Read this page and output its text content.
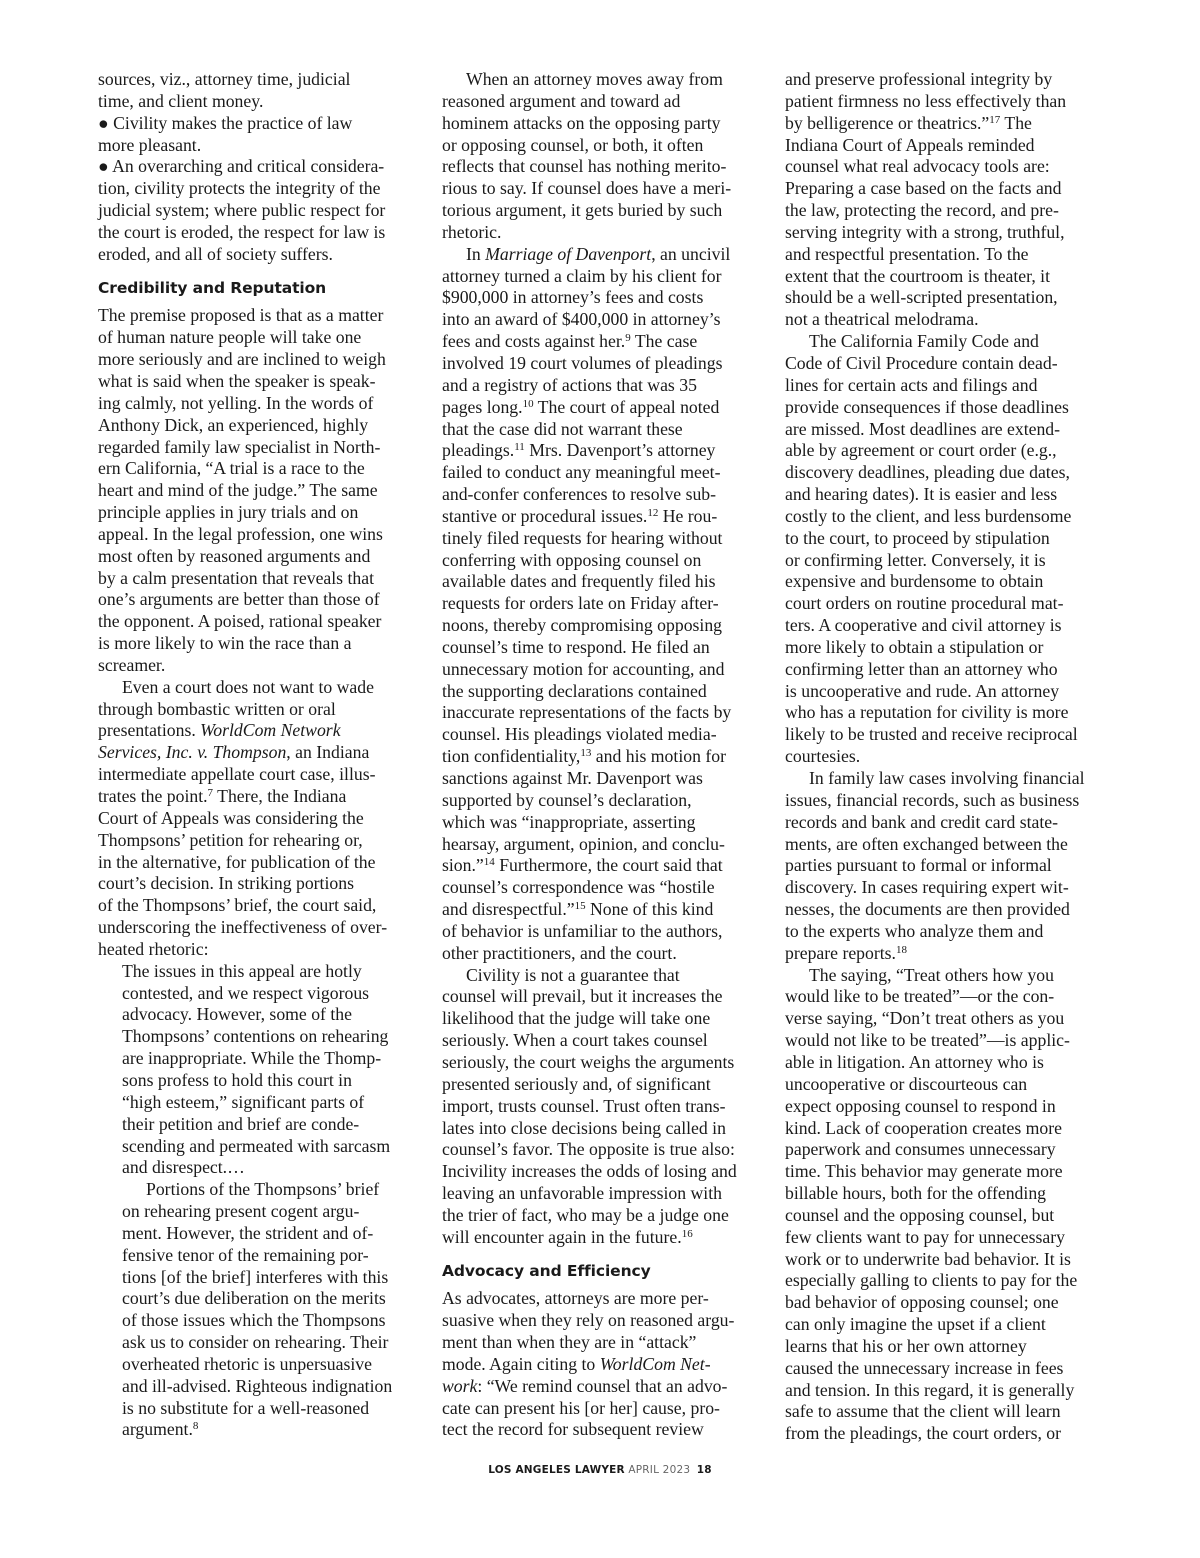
sources, viz., attorney time, judicial
time, and client money.
● Civility makes the practice of law
more pleasant.
● An overarching and critical considera-
tion, civility protects the integrity of the
judicial system; where public respect for
the court is eroded, the respect for law is
eroded, and all of society suffers.
Credibility and Reputation
The premise proposed is that as a matter
of human nature people will take one
more seriously and are inclined to weigh
what is said when the speaker is speak-
ing calmly, not yelling. In the words of
Anthony Dick, an experienced, highly
regarded family law specialist in North-
ern California, “A trial is a race to the
heart and mind of the judge.” The same
principle applies in jury trials and on
appeal. In the legal profession, one wins
most often by reasoned arguments and
by a calm presentation that reveals that
one’s arguments are better than those of
the opponent. A poised, rational speaker
is more likely to win the race than a
screamer.
Even a court does not want to wade
through bombastic written or oral
presentations. WorldCom Network
Services, Inc. v. Thompson, an Indiana
intermediate appellate court case, illus-
trates the point.$^7$ There, the Indiana
Court of Appeals was considering the
Thompsons’ petition for rehearing or,
in the alternative, for publication of the
court’s decision. In striking portions
of the Thompsons’ brief, the court said,
underscoring the ineffectiveness of over-
heated rhetoric:
The issues in this appeal are hotly
contested, and we respect vigorous
advocacy. However, some of the
Thompsons’ contentions on rehearing
are inappropriate. While the Thomp-
sons profess to hold this court in
“high esteem,” significant parts of
their petition and brief are conde-
scending and permeated with sarcasm
and disrespect.…
Portions of the Thompsons’ brief
on rehearing present cogent argu-
ment. However, the strident and of-
fensive tenor of the remaining por-
tions [of the brief] interferes with this
court’s due deliberation on the merits
of those issues which the Thompsons
ask us to consider on rehearing. Their
overheated rhetoric is unpersuasive
and ill-advised. Righteous indignation
is no substitute for a well-reasoned
argument.$^8$
When an attorney moves away from
reasoned argument and toward ad
hominem attacks on the opposing party
or opposing counsel, or both, it often
reflects that counsel has nothing merito-
rious to say. If counsel does have a meri-
torious argument, it gets buried by such
rhetoric.
In Marriage of Davenport, an uncivil
attorney turned a claim by his client for
$900,000 in attorney’s fees and costs
into an award of $400,000 in attorney’s
fees and costs against her.$^9$ The case
involved 19 court volumes of pleadings
and a registry of actions that was 35
pages long.$^{10}$ The court of appeal noted
that the case did not warrant these
pleadings.$^{11}$ Mrs. Davenport’s attorney
failed to conduct any meaningful meet-
and-confer conferences to resolve sub-
stantive or procedural issues.$^{12}$ He rou-
tinely filed requests for hearing without
conferring with opposing counsel on
available dates and frequently filed his
requests for orders late on Friday after-
noons, thereby compromising opposing
counsel’s time to respond. He filed an
unnecessary motion for accounting, and
the supporting declarations contained
inaccurate representations of the facts by
counsel. His pleadings violated media-
tion confidentiality,$^{13}$ and his motion for
sanctions against Mr. Davenport was
supported by counsel’s declaration,
which was “inappropriate, asserting
hearsay, argument, opinion, and conclu-
sion.”$^{14}$ Furthermore, the court said that
counsel’s correspondence was “hostile
and disrespectful.”$^{15}$ None of this kind
of behavior is unfamiliar to the authors,
other practitioners, and the court.
Civility is not a guarantee that
counsel will prevail, but it increases the
likelihood that the judge will take one
seriously. When a court takes counsel
seriously, the court weighs the arguments
presented seriously and, of significant
import, trusts counsel. Trust often trans-
lates into close decisions being called in
counsel’s favor. The opposite is true also:
Incivility increases the odds of losing and
leaving an unfavorable impression with
the trier of fact, who may be a judge one
will encounter again in the future.$^{16}$
Advocacy and Efficiency
As advocates, attorneys are more per-
suasive when they rely on reasoned argu-
ment than when they are in “attack”
mode. Again citing to WorldCom Net-
work: “We remind counsel that an advo-
cate can present his [or her] cause, pro-
tect the record for subsequent review
and preserve professional integrity by
patient firmness no less effectively than
by belligerence or theatrics.”$^{17}$ The
Indiana Court of Appeals reminded
counsel what real advocacy tools are:
Preparing a case based on the facts and
the law, protecting the record, and pre-
serving integrity with a strong, truthful,
and respectful presentation. To the
extent that the courtroom is theater, it
should be a well-scripted presentation,
not a theatrical melodrama.
The California Family Code and
Code of Civil Procedure contain dead-
lines for certain acts and filings and
provide consequences if those deadlines
are missed. Most deadlines are extend-
able by agreement or court order (e.g.,
discovery deadlines, pleading due dates,
and hearing dates). It is easier and less
costly to the client, and less burdensome
to the court, to proceed by stipulation
or confirming letter. Conversely, it is
expensive and burdensome to obtain
court orders on routine procedural mat-
ters. A cooperative and civil attorney is
more likely to obtain a stipulation or
confirming letter than an attorney who
is uncooperative and rude. An attorney
who has a reputation for civility is more
likely to be trusted and receive reciprocal
courtesies.
In family law cases involving financial
issues, financial records, such as business
records and bank and credit card state-
ments, are often exchanged between the
parties pursuant to formal or informal
discovery. In cases requiring expert wit-
nesses, the documents are then provided
to the experts who analyze them and
prepare reports.$^{18}$
The saying, “Treat others how you
would like to be treated”—or the con-
verse saying, “Don’t treat others as you
would not like to be treated”—is applic-
able in litigation. An attorney who is
uncooperative or discourteous can
expect opposing counsel to respond in
kind. Lack of cooperation creates more
paperwork and consumes unnecessary
time. This behavior may generate more
billable hours, both for the offending
counsel and the opposing counsel, but
few clients want to pay for unnecessary
work or to underwrite bad behavior. It is
especially galling to clients to pay for the
bad behavior of opposing counsel; one
can only imagine the upset if a client
learns that his or her own attorney
caused the unnecessary increase in fees
and tension. In this regard, it is generally
safe to assume that the client will learn
from the pleadings, the court orders, or
LOS ANGELES LAWYER APRIL 2023 18
